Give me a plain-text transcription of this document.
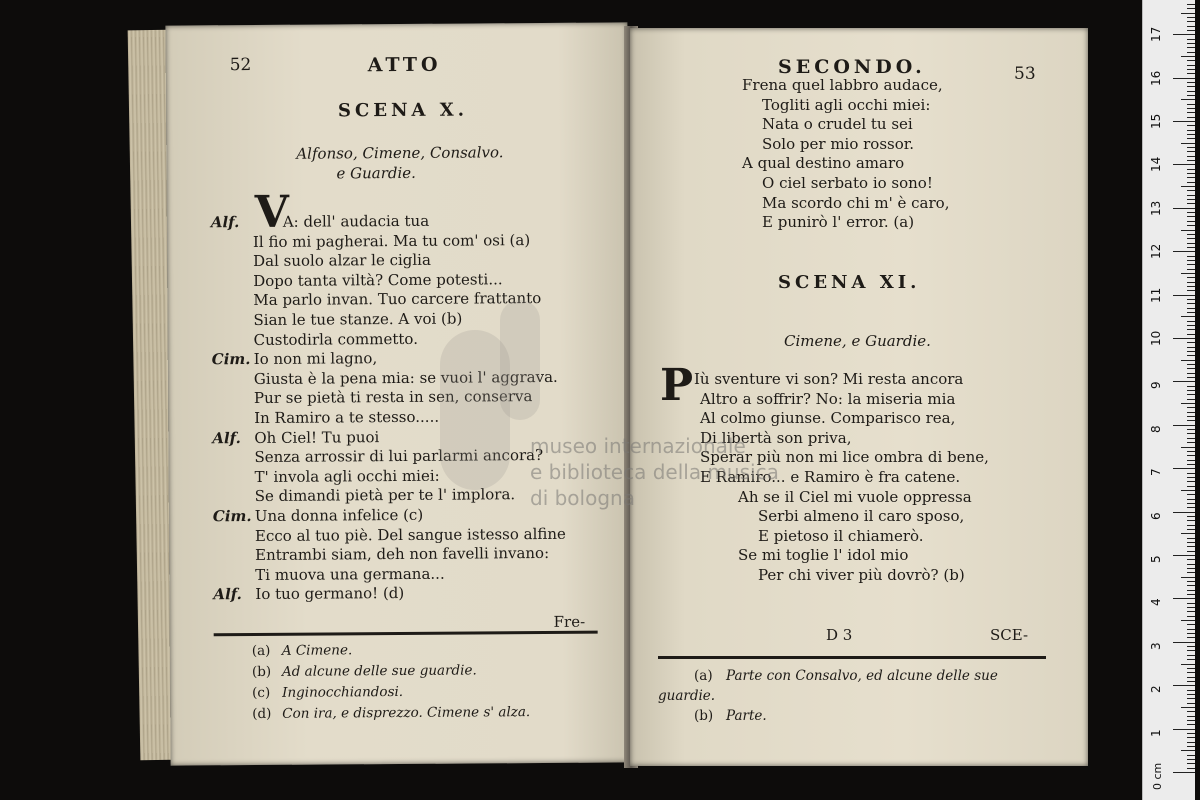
52	ATTO
SCENA X.
Alfonso, Cimene, Consalvo.
e Guardie.
V
Alf.	A: dell' audacia tua
Il fio mi pagherai. Ma tu com' osi (a)
Dal suolo alzar le ciglia
Dopo tanta viltà? Come potesti...
Ma parlo invan. Tuo carcere frattanto
Sian le tue stanze. A voi (b)
Custodirla commetto.
Cim. Io non mi lagno,
Giusta è la pena mia: se vuoi l' aggrava.
Pur se pietà ti resta in sen, conserva
In Ramiro a te stesso.....
Alf. Oh Ciel! Tu puoi
Senza arrossir di lui parlarmi ancora?
T' invola agli occhi miei:
Se dimandi pietà per te l' implora.
Cim. Una donna infelice (c)
Ecco al tuo piè. Del sangue istesso alfine
Entrambi siam, deh non favelli invano:
Ti muova una germana...
Alf. Io tuo germano! (d)
Fre-
(a) A Cimene.
(b) Ad alcune delle sue guardie.
(c) Inginocchiandosi.
(d) Con ira, e disprezzo. Cimene s' alza.
SECONDO.	53
Frena quel labbro audace,
Togliti agli occhi miei:
Nata o crudel tu sei
Solo per mio rossor.
A qual destino amaro
O ciel serbato io sono!
Ma scordo chi m' è caro,
E punirò l' error. (a)
SCENA XI.
Cimene, e Guardie.
P Iù sventure vi son? Mi resta ancora
Altro a soffrir? No: la miseria mia
Al colmo giunse. Comparisco rea,
Di libertà son priva,
Sperar più non mi lice ombra di bene,
E Ramiro... e Ramiro è fra catene.
Ah se il Ciel mi vuole oppressa
Serbi almeno il caro sposo,
E pietoso il chiamerò.
Se mi toglie l' idol mio
Per chi viver più dovrò? (b)
D 3	SCE-
(a) Parte con Consalvo, ed alcune delle sue
guardie.
(b) Parte.
museo internazionale
e biblioteca della musica
di bologna
0 cm
1
2
3
4
5
6
7
8
9
10
11
12
13
14
15
16
17
